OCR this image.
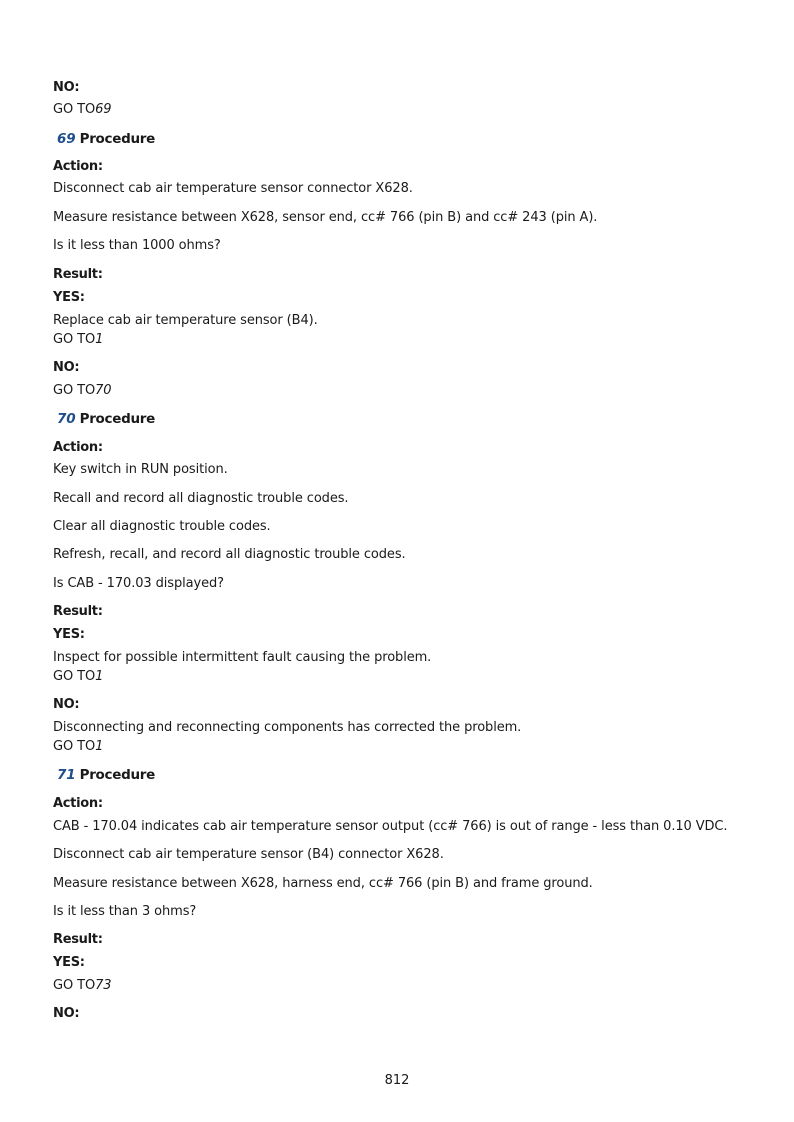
NO:
GO TO69
69 Procedure
Action:
Disconnect cab air temperature sensor connector X628.
Measure resistance between X628, sensor end, cc# 766 (pin B) and cc# 243 (pin A).
Is it less than 1000 ohms?
Result:
YES:
Replace cab air temperature sensor (B4).
GO TO1
NO:
GO TO70
70 Procedure
Action:
Key switch in RUN position.
Recall and record all diagnostic trouble codes.
Clear all diagnostic trouble codes.
Refresh, recall, and record all diagnostic trouble codes.
Is CAB - 170.03 displayed?
Result:
YES:
Inspect for possible intermittent fault causing the problem.
GO TO1
NO:
Disconnecting and reconnecting components has corrected the problem.
GO TO1
71 Procedure
Action:
CAB - 170.04 indicates cab air temperature sensor output (cc# 766) is out of range - less than 0.10 VDC.
Disconnect cab air temperature sensor (B4) connector X628.
Measure resistance between X628, harness end, cc# 766 (pin B) and frame ground.
Is it less than 3 ohms?
Result:
YES:
GO TO73
NO:
812
